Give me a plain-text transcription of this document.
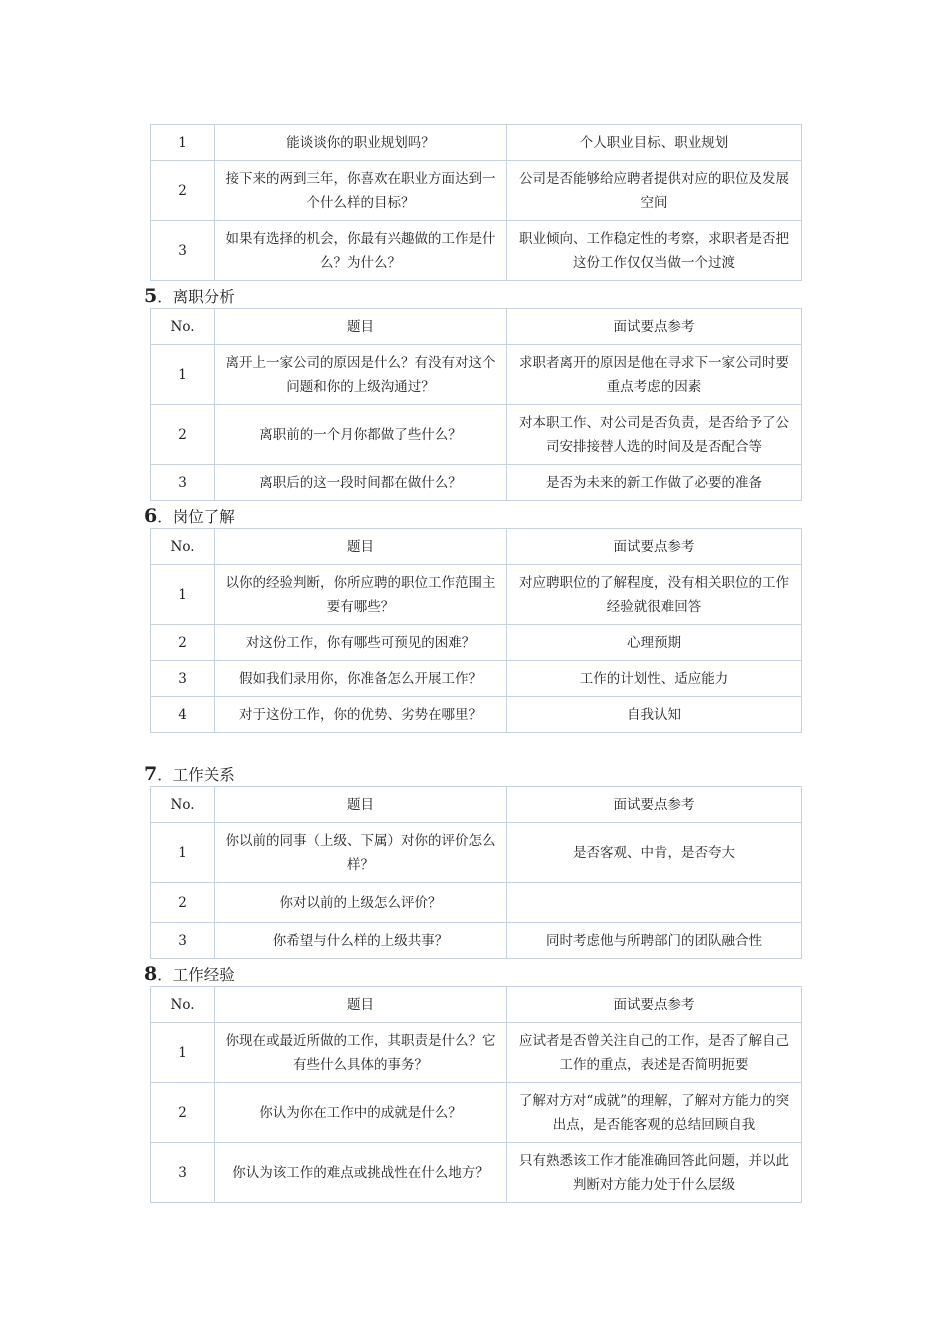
1	能谈谈你的职业规划吗？	个人职业目标、职业规划
2	接下来的两到三年，你喜欢在职业方面达到一个什么样的目标？	公司是否能够给应聘者提供对应的职位及发展空间
3	如果有选择的机会，你最有兴趣做的工作是什么？为什么？	职业倾向、工作稳定性的考察，求职者是否把这份工作仅仅当做一个过渡
5 ． 离职分析
No.	题目	面试要点参考
1	离开上一家公司的原因是什么？有没有对这个问题和你的上级沟通过？	求职者离开的原因是他在寻求下一家公司时要重点考虑的因素
2	离职前的一个月你都做了些什么？	对本职工作、对公司是否负责，是否给予了公司安排接替人选的时间及是否配合等
3	离职后的这一段时间都在做什么？	是否为未来的新工作做了必要的准备
6 ． 岗位了解
No.	题目	面试要点参考
1	以你的经验判断，你所应聘的职位工作范围主要有哪些？	对应聘职位的了解程度，没有相关职位的工作经验就很难回答
2	对这份工作，你有哪些可预见的困难？	心理预期
3	假如我们录用你，你准备怎么开展工作？	工作的计划性、适应能力
4	对于这份工作，你的优势、劣势在哪里？	自我认知
7 ． 工作关系
No.	题目	面试要点参考
1	你以前的同事（上级、下属）对你的评价怎么样？	是否客观、中肯，是否夸大
2	你对以前的上级怎么评价？	
3	你希望与什么样的上级共事？	同时考虑他与所聘部门的团队融合性
8 ． 工作经验
No.	题目	面试要点参考
1	你现在或最近所做的工作，其职责是什么？它有些什么具体的事务？	应试者是否曾关注自己的工作，是否了解自己工作的重点，表述是否简明扼要
2	你认为你在工作中的成就是什么？	了解对方对“成就”的理解，了解对方能力的突出点，是否能客观的总结回顾自我
3	你认为该工作的难点或挑战性在什么地方？	只有熟悉该工作才能准确回答此问题，并以此判断对方能力处于什么层级
